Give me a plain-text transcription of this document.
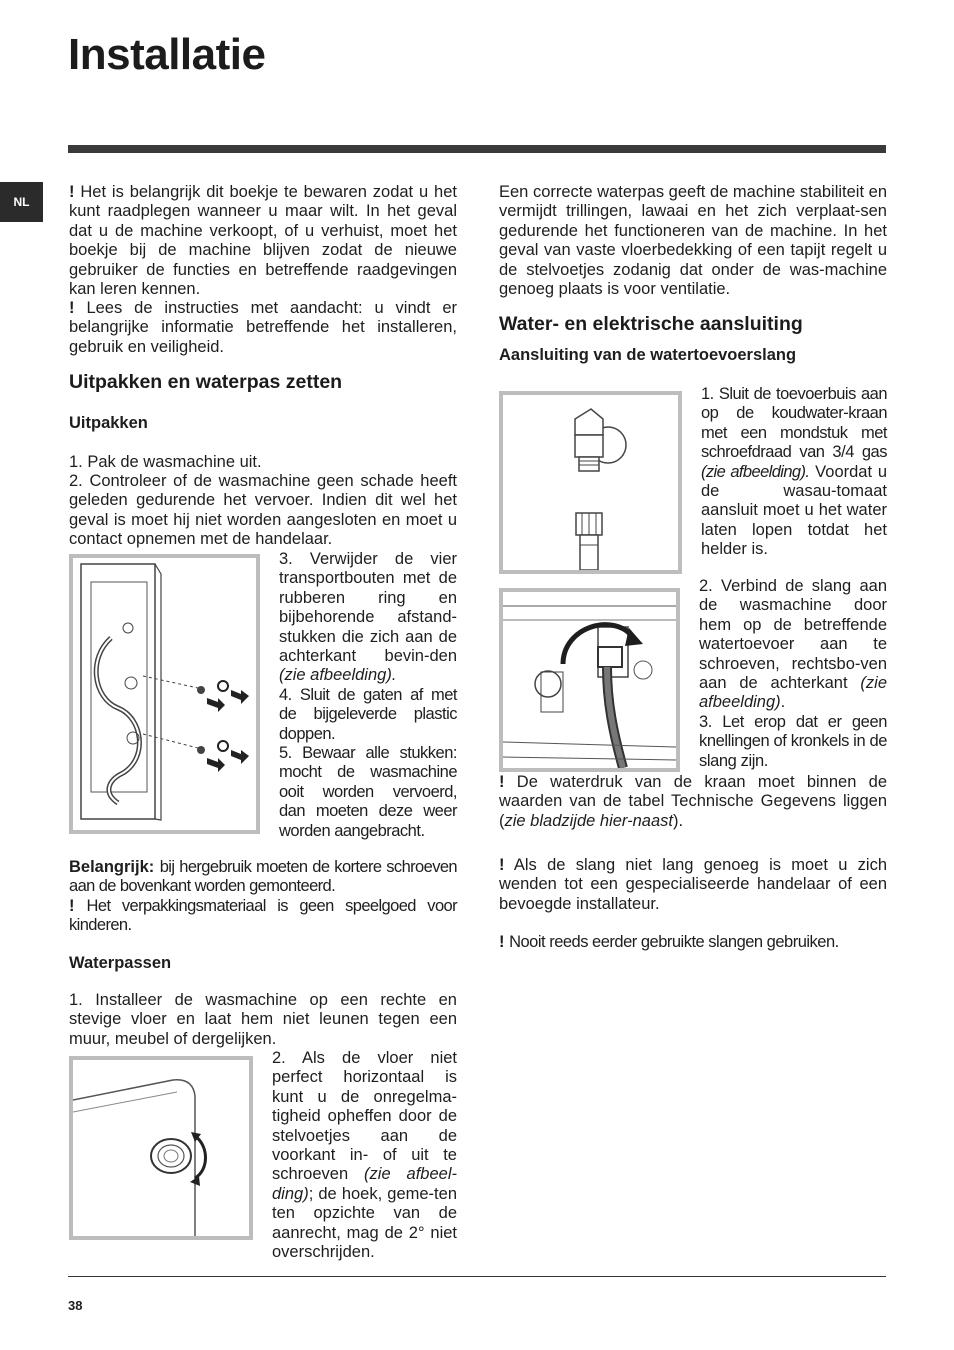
Installatie
NL

! Het is belangrijk dit boekje te bewaren zodat u het kunt raadplegen wanneer u maar wilt. In het geval dat u de machine verkoopt, of u verhuist, moet het boekje bij de machine blijven zodat de nieuwe gebruiker de functies en betreffende raadgevingen kan leren kennen.

! Lees de instructies met aandacht: u vindt er belangrijke informatie betreffende het installeren, gebruik en veiligheid.

Uitpakken en waterpas zetten
Uitpakken

1. Pak de wasmachine uit.

2. Controleer of de wasmachine geen schade heeft geleden gedurende het vervoer. Indien dit wel het geval is moet hij niet worden aangesloten en moet u contact opnemen met de handelaar.

3. Verwijder de vier transportbouten met de rubberen ring en bijbehorende afstand-stukken die zich aan de achterkant bevin-den (zie afbeelding).

4. Sluit de gaten af met de bijgeleverde plastic doppen.

5. Bewaar alle stukken: mocht de wasmachine ooit worden vervoerd, dan moeten deze weer worden aangebracht.

Belangrijk: bij hergebruik moeten de kortere schroeven aan de bovenkant worden gemonteerd.

! Het verpakkingsmateriaal is geen speelgoed voor kinderen.

Waterpassen

1. Installeer de wasmachine op een rechte en stevige vloer en laat hem niet leunen tegen een muur, meubel of dergelijken.

2. Als de vloer niet perfect horizontaal is kunt u de onregelma-tigheid opheffen door de stelvoetjes aan de voorkant in- of uit te schroeven (zie afbeel-ding); de hoek, geme-ten ten opzichte van de aanrecht, mag de 2° niet overschrijden.

Een correcte waterpas geeft de machine stabiliteit en vermijdt trillingen, lawaai en het zich verplaat-sen gedurende het functioneren van de machine. In het geval van vaste vloerbedekking of een tapijt regelt u de stelvoetjes zodanig dat onder de was-machine genoeg plaats is voor ventilatie.

Water- en elektrische aansluiting
Aansluiting van de watertoevoerslang

1. Sluit de toevoerbuis aan op de koudwater-kraan met een mondstuk met schroefdraad van 3/4 gas (zie afbeelding). Voordat u de wasau-tomaat aansluit moet u het water laten lopen totdat het helder is.

2. Verbind de slang aan de wasmachine door hem op de betreffende watertoevoer aan te schroeven, rechtsbo-ven aan de achterkant (zie afbeelding).

3. Let erop dat er geen knellingen of kronkels in de slang zijn.

! De waterdruk van de kraan moet binnen de waarden van de tabel Technische Gegevens liggen (zie bladzijde hier-naast).

! Als de slang niet lang genoeg is moet u zich wenden tot een gespecialiseerde handelaar of een bevoegde installateur.

! Nooit reeds eerder gebruikte slangen gebruiken.

38
